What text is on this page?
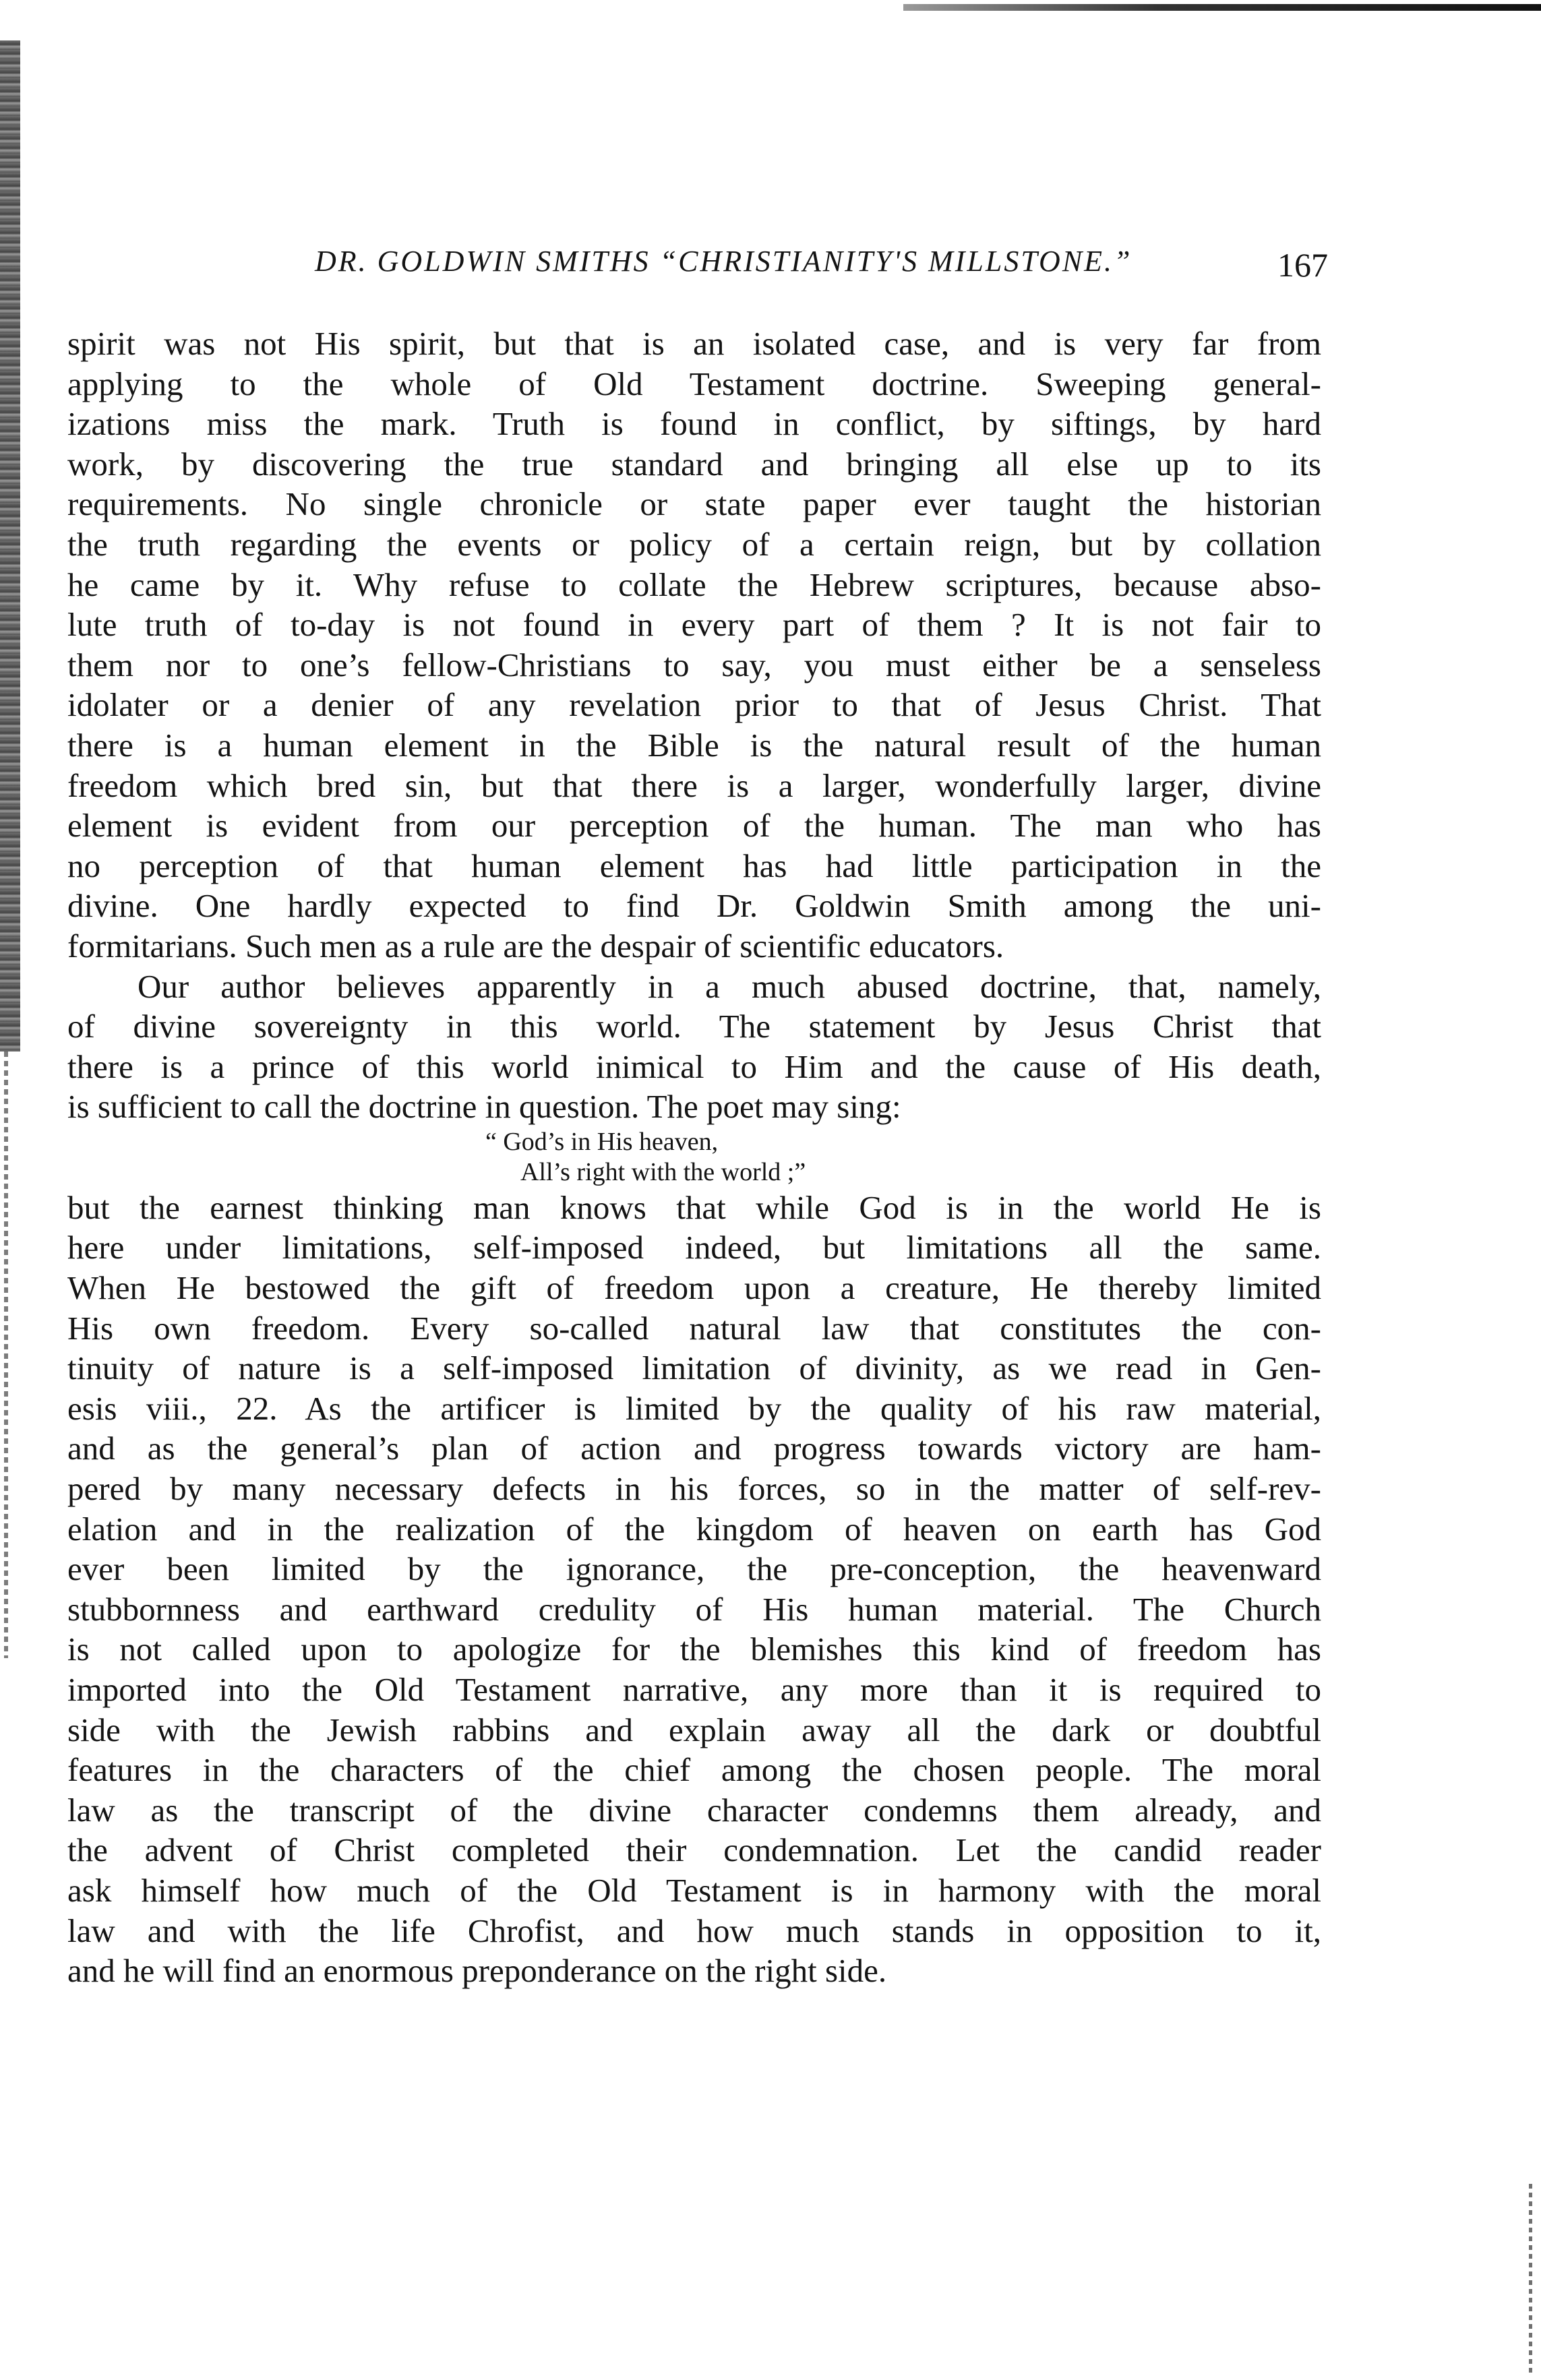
DR. GOLDWIN SMITHS “CHRISTIANITY'S MILLSTONE.”	167
spirit was not His spirit, but that is an isolated case, and is very far from
applying to the whole of Old Testament doctrine. Sweeping general-
izations miss the mark. Truth is found in conflict, by siftings, by hard
work, by discovering the true standard and bringing all else up to its
requirements. No single chronicle or state paper ever taught the historian
the truth regarding the events or policy of a certain reign, but by collation
he came by it. Why refuse to collate the Hebrew scriptures, because abso-
lute truth of to-day is not found in every part of them ? It is not fair to
them nor to one’s fellow-Christians to say, you must either be a senseless
idolater or a denier of any revelation prior to that of Jesus Christ. That
there is a human element in the Bible is the natural result of the human
freedom which bred sin, but that there is a larger, wonderfully larger, divine
element is evident from our perception of the human. The man who has
no perception of that human element has had little participation in the
divine. One hardly expected to find Dr. Goldwin Smith among the uni-
formitarians. Such men as a rule are the despair of scientific educators.
Our author believes apparently in a much abused doctrine, that, namely,
of divine sovereignty in this world. The statement by Jesus Christ that
there is a prince of this world inimical to Him and the cause of His death,
is sufficient to call the doctrine in question. The poet may sing:
“ God’s in His heaven,
All’s right with the world ;”
but the earnest thinking man knows that while God is in the world He is
here under limitations, self-imposed indeed, but limitations all the same.
When He bestowed the gift of freedom upon a creature, He thereby limited
His own freedom. Every so-called natural law that constitutes the con-
tinuity of nature is a self-imposed limitation of divinity, as we read in Gen-
esis viii., 22. As the artificer is limited by the quality of his raw material,
and as the general’s plan of action and progress towards victory are ham-
pered by many necessary defects in his forces, so in the matter of self-rev-
elation and in the realization of the kingdom of heaven on earth has God
ever been limited by the ignorance, the pre-conception, the heavenward
stubbornness and earthward credulity of His human material. The Church
is not called upon to apologize for the blemishes this kind of freedom has
imported into the Old Testament narrative, any more than it is required to
side with the Jewish rabbins and explain away all the dark or doubtful
features in the characters of the chief among the chosen people. The moral
law as the transcript of the divine character condemns them already, and
the advent of Christ completed their condemnation. Let the candid reader
ask himself how much of the Old Testament is in harmony with the moral
law and with the life Chrofist, and how much stands in opposition to it,
and he will find an enormous preponderance on the right side.
